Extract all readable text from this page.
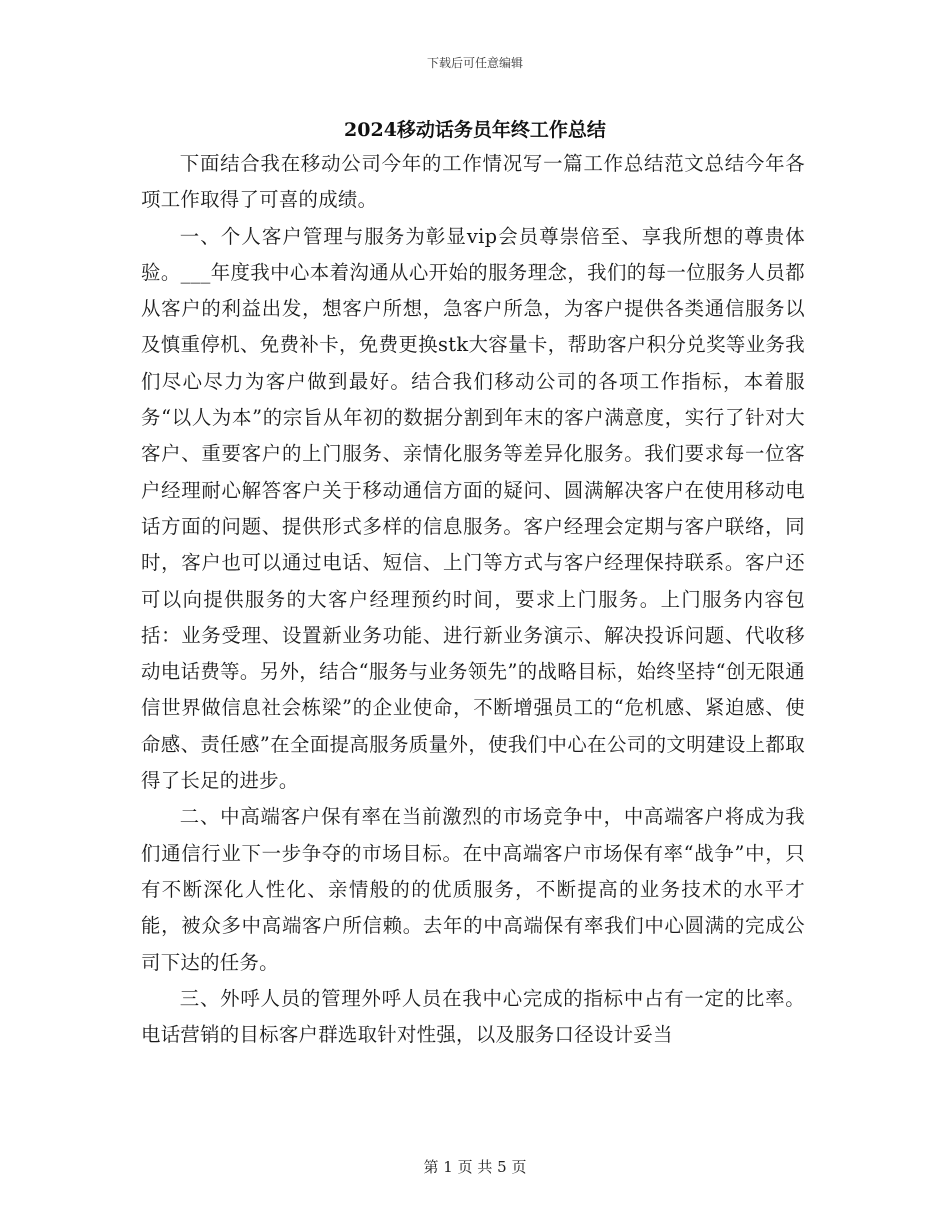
下载后可任意编辑
2024移动话务员年终工作总结

下面结合我在移动公司今年的工作情况写一篇工作总结范文总结今年各项工作取得了可喜的成绩。

一、个人客户管理与服务为彰显vip会员尊崇倍至、享我所想的尊贵体验。___年度我中心本着沟通从心开始的服务理念，我们的每一位服务人员都从客户的利益出发，想客户所想，急客户所急，为客户提供各类通信服务以及慎重停机、免费补卡，免费更换stk大容量卡，帮助客户积分兑奖等业务我们尽心尽力为客户做到最好。结合我们移动公司的各项工作指标，本着服务“以人为本”的宗旨从年初的数据分割到年末的客户满意度，实行了针对大客户、重要客户的上门服务、亲情化服务等差异化服务。我们要求每一位客户经理耐心解答客户关于移动通信方面的疑问、圆满解决客户在使用移动电话方面的问题、提供形式多样的信息服务。客户经理会定期与客户联络，同时，客户也可以通过电话、短信、上门等方式与客户经理保持联系。客户还可以向提供服务的大客户经理预约时间，要求上门服务。上门服务内容包括：业务受理、设置新业务功能、进行新业务演示、解决投诉问题、代收移动电话费等。另外，结合“服务与业务领先”的战略目标，始终坚持“创无限通信世界做信息社会栋梁”的企业使命，不断增强员工的“危机感、紧迫感、使命感、责任感”在全面提高服务质量外，使我们中心在公司的文明建设上都取得了长足的进步。

二、中高端客户保有率在当前激烈的市场竞争中，中高端客户将成为我们通信行业下一步争夺的市场目标。在中高端客户市场保有率“战争”中，只有不断深化人性化、亲情般的的优质服务，不断提高的业务技术的水平才能，被众多中高端客户所信赖。去年的中高端保有率我们中心圆满的完成公司下达的任务。

三、外呼人员的管理外呼人员在我中心完成的指标中占有一定的比率。电话营销的目标客户群选取针对性强，以及服务口径设计妥当

第 1 页 共 5 页
